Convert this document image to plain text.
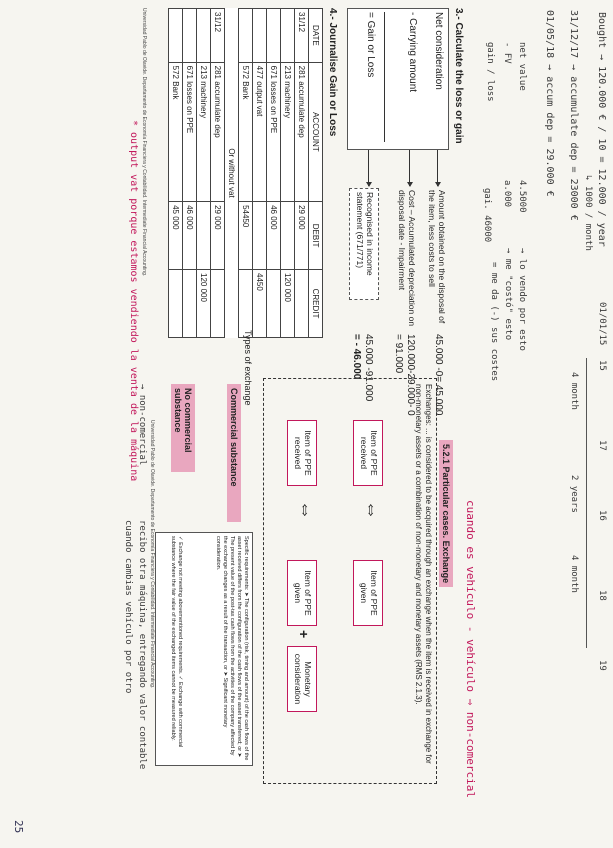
Bought → 120.000 € / 10 = 12.000 / year
↳ 1000 / month
31/12/17 → accumulate dep = 23000 €
01/05/18 → accum dep = 29.000 €
net value
- FV
gain / loss
4.5000
a.000
gai. 46000
→ lo vendo por esto
→ me "costó" esto
= me da (-) sus costes	01/01/15
15
17
16
18
19
4 month
2 years
4 month
cuando es vehículo - vehículo ⇒ non-comercial
3.- Calculate the loss or gain
Net consideration
- Carrying amount
= Gain or Loss
Amount obtained on the disposal of the item, less costs to sell
Cost – Accumulated depreciation on disposal date - Impairment
Recognised in income statement (671/771)
45.000 -0= 45.000
120.000-29.000- 0
= 91.000
45.000 -91.000
= - 46.000
4.- Journalise Gain or Loss
DATE	ACCOUNT	DEBIT	CREDIT
31/12	281 accumulate dep	29 000	
	213 machinery		120 000
	671 losses on PPE	46 000	
	477 output vat		4450
	572 Bank	54450	
Or without vat			
31/12	281 accumulate dep	29 000	
	213 machinery		120 000
	671 losses on PPE	46 000	
	572 Bank	45 000	
Universidad Pablo de Olavide. Departamento de Economía Financiera y Contabilidad. Intermediate Financial Accounting.
* output vat porque estamos vendiendo la venta de la máquina
5.2.1 Particular cases. Exchange
Exchanges: ... is considered to be acquired through an exchange when the item is received in exchange for non-monetary assets or a combination of non-monetary and monetary assets (RMS 2.1.3).
Item of PPE received
Item of PPE received
⇔
⇔
Item of PPE given
Item of PPE given
+
Monetary consideration
Types of exchange
Commercial substance
No commercial substance
Specific requirements: ➤ The configuration (risk, timing and amount) of the cash flows of the asset received differs from the configuration of the cash flows of the asset transferred; or ➤ The present value of the post-tax cash flows from the activities of the company affected by the exchange changes as a result of the transaction, or ➤ Significant monetary consideration.
✓ Exchange not meeting abovementioned requirements. ✓ Exchange with commercial substance where the fair value of the exchanged items cannot be measured reliably.
→ non-comercial
recibo otra máquina, entregando valor contable
cuando cambias vehículo por otro	Universidad Pablo de Olavide. Departamento de Economía Financiera y Contabilidad. Intermediate Financial Accounting.
25
